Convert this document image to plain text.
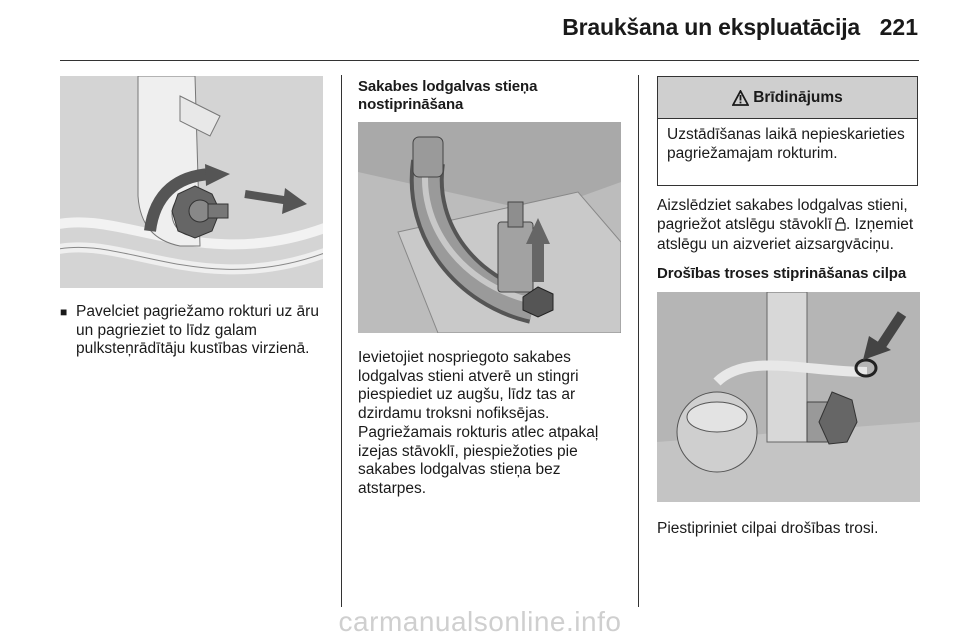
Braukšana un ekspluatācija 221
■ Pavelciet pagriežamo rokturi uz āru un pagrieziet to līdz galam pulksteņrādītāju kustības virzienā.
Sakabes lodgalvas stieņa nostiprināšana
Ievietojiet nospriegoto sakabes lodgalvas stieni atverē un stingri piespiediet uz augšu, līdz tas ar dzirdamu troksni nofiksējas.
Pagriežamais rokturis atlec atpakaļ izejas stāvoklī, piespiežoties pie sakabes lodgalvas stieņa bez atstarpes.
Brīdinājums
Uzstādīšanas laikā nepieskarieties pagriežamajam rokturim.
Aizslēdziet sakabes lodgalvas stieni, pagriežot atslēgu stāvoklī  . Izņemiet atslēgu un aizveriet aizsargvāciņu.
Drošības troses stiprināšanas cilpa
Piestipriniet cilpai drošības trosi.
carmanualsonline.info
